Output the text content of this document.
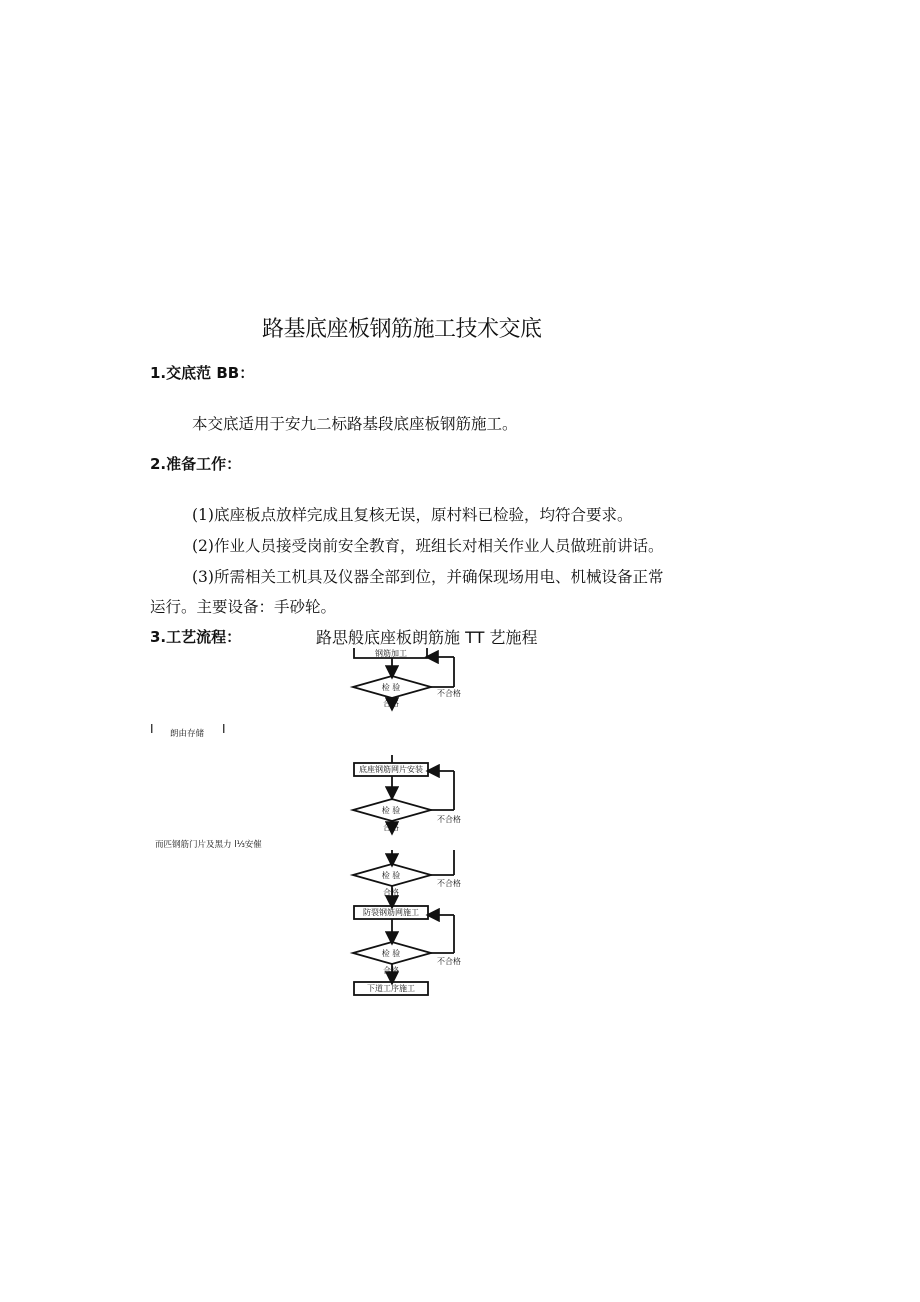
路基底座板钢筋施工技术交底
1.交底范 BB：
本交底适用于安九二标路基段底座板钢筋施工。
2.准备工作：
(1)底座板点放样完成且复核无误，原村料已检验，均符合要求。
(2)作业人员接受岗前安全教育，班组长对相关作业人员做班前讲话。
(3)所需相关工机具及仪器全部到位，并确保现场用电、机械设备正常
运行。主要设备：手砂轮。
3.工艺流程：	路思般底座板朗筋施 TT 艺施程
I 朗由存储 I
而匹钢筋门片及黑力 l⅓安催
钢筋加工
检 验
不合格
合格
底座钢筋网片安装
检 验
不合格
合格
检 验
不合格
合格
防裂钢筋网施工
检 验
不合格
合格
下道工序施工
